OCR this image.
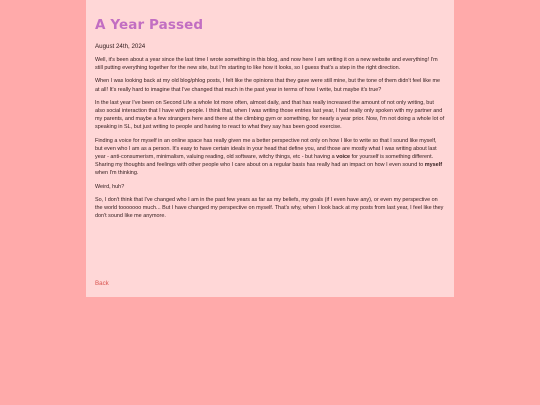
A Year Passed

August 24th, 2024

Well, it's been about a year since the last time I wrote something in this blog, and now here I am writing it on a new website and everything! I'm still putting everything together for the new site, but I'm starting to like how it looks, so I guess that's a step in the right direction.

When I was looking back at my old blog/phlog posts, I felt like the opinions that they gave were still mine, but the tone of them didn't feel like me at all! It's really hard to imagine that I've changed that much in the past year in terms of how I write, but maybe it's true?

In the last year I've been on Second Life a whole lot more often, almost daily, and that has really increased the amount of not only writing, but also social interaction that I have with people. I think that, when I was writing those entries last year, I had really only spoken with my partner and my parents, and maybe a few strangers here and there at the climbing gym or something, for nearly a year prior. Now, I'm not doing a whole lot of speaking in SL, but just writing to people and having to react to what they say has been good exercise.

Finding a voice for myself in an online space has really given me a better perspective not only on how I like to write so that I sound like myself, but even who I am as a person. It's easy to have certain ideals in your head that define you, and those are mostly what I was writing about last year - anti-consumerism, minimalism, valuing reading, old software, witchy things, etc - but having a voice for yourself is something different. Sharing my thoughts and feelings with other people who I care about on a regular basis has really had an impact on how I even sound to myself when I'm thinking.

Weird, huh?

So, I don't think that I've changed who I am in the past few years as far as my beliefs, my goals (if I even have any), or even my perspective on the world tooooooo much... But I have changed my perspective on myself. That's why, when I look back at my posts from last year, I feel like they don't sound like me anymore.

Back
